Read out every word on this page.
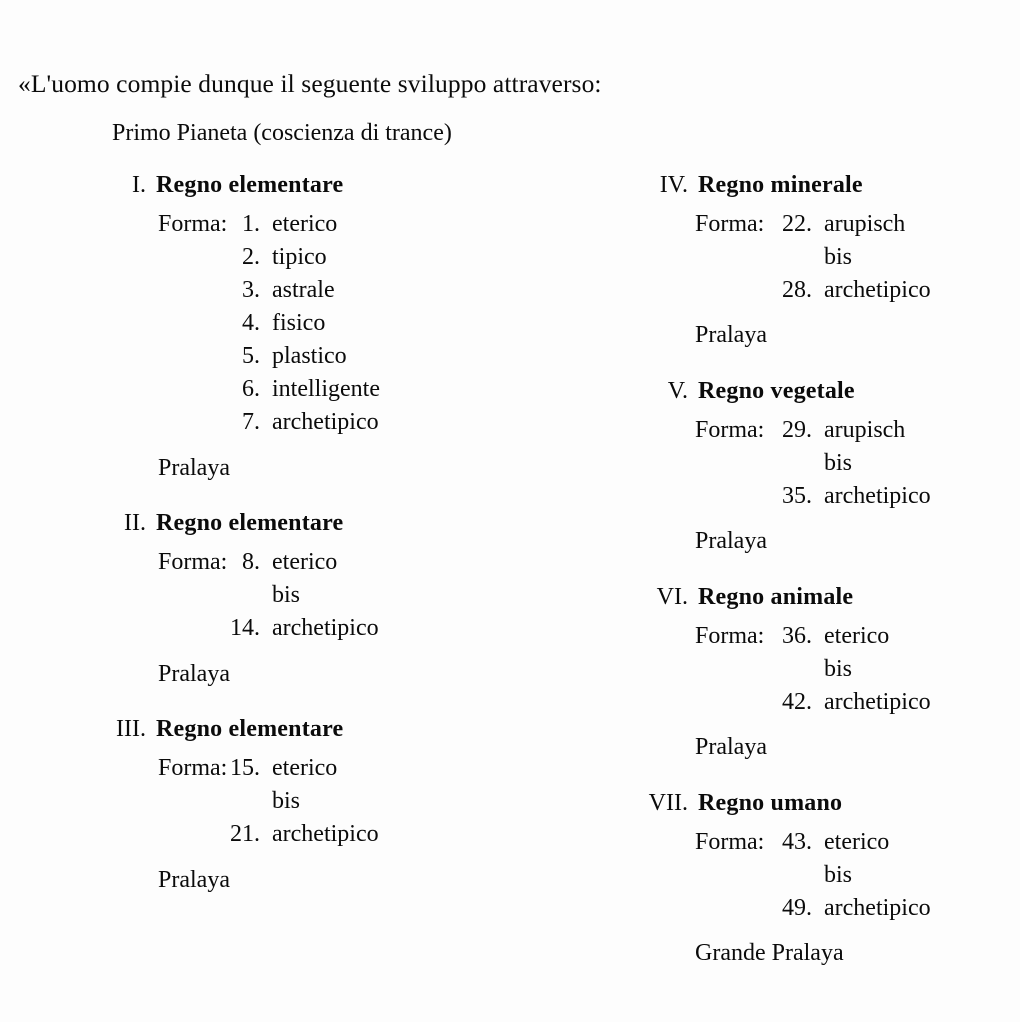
«L'uomo compie dunque il seguente sviluppo attraverso:
Primo Pianeta (coscienza di trance)
I. Regno elementare
Forma: 1. eterico
2. tipico
3. astrale
4. fisico
5. plastico
6. intelligente
7. archetipico
Pralaya
II. Regno elementare
Forma: 8. eterico
bis
14. archetipico
Pralaya
III. Regno elementare
Forma: 15. eterico
bis
21. archetipico
Pralaya
IV. Regno minerale
Forma: 22. arupisch
bis
28. archetipico
Pralaya
V. Regno vegetale
Forma: 29. arupisch
bis
35. archetipico
Pralaya
VI. Regno animale
Forma: 36. eterico
bis
42. archetipico
Pralaya
VII. Regno umano
Forma: 43. eterico
bis
49. archetipico
Grande Pralaya
